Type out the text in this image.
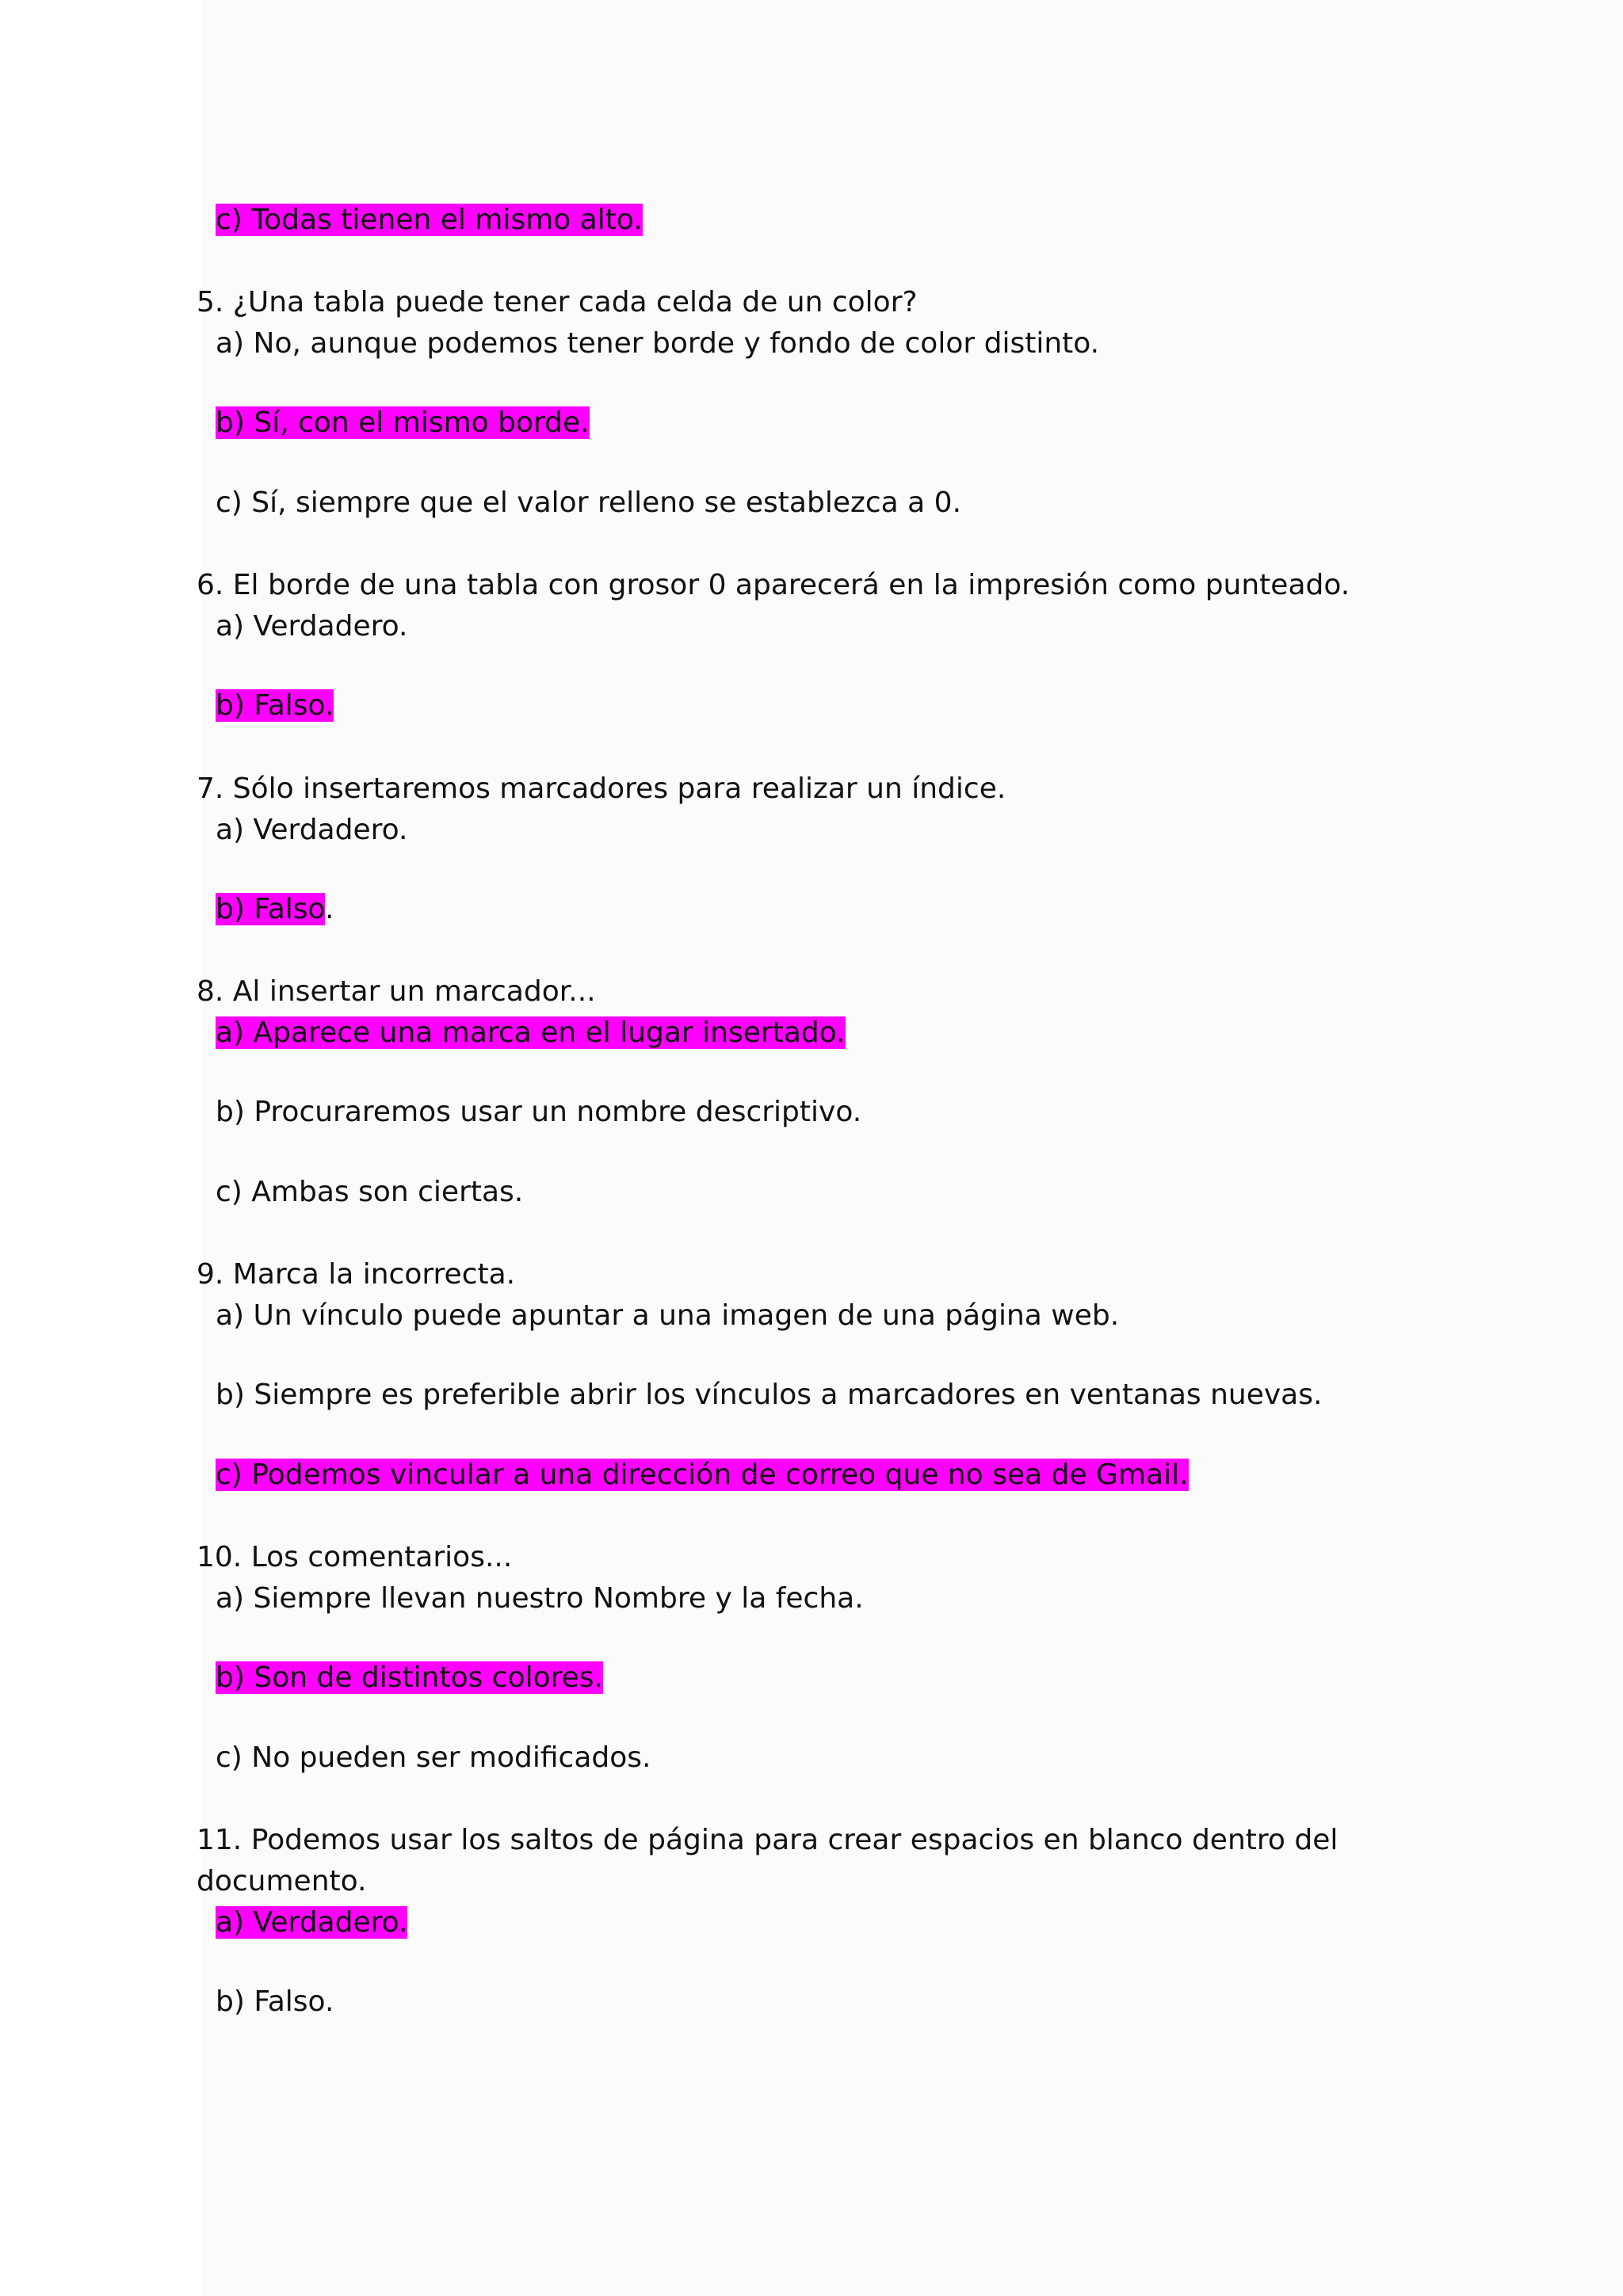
c) Todas tienen el mismo alto.
5. ¿Una tabla puede tener cada celda de un color?
a) No, aunque podemos tener borde y fondo de color distinto.
b) Sí, con el mismo borde.
c) Sí, siempre que el valor relleno se establezca a 0.
6. El borde de una tabla con grosor 0 aparecerá en la impresión como punteado.
a) Verdadero.
b) Falso.
7. Sólo insertaremos marcadores para realizar un índice.
a) Verdadero.
b) Falso.
8. Al insertar un marcador...
a) Aparece una marca en el lugar insertado.
b) Procuraremos usar un nombre descriptivo.
c) Ambas son ciertas.
9. Marca la incorrecta.
a) Un vínculo puede apuntar a una imagen de una página web.
b) Siempre es preferible abrir los vínculos a marcadores en ventanas nuevas.
c) Podemos vincular a una dirección de correo que no sea de Gmail.
10. Los comentarios...
a) Siempre llevan nuestro Nombre y la fecha.
b) Son de distintos colores.
c) No pueden ser modificados.
11. Podemos usar los saltos de página para crear espacios en blanco dentro del
documento.
a) Verdadero.
b) Falso.
